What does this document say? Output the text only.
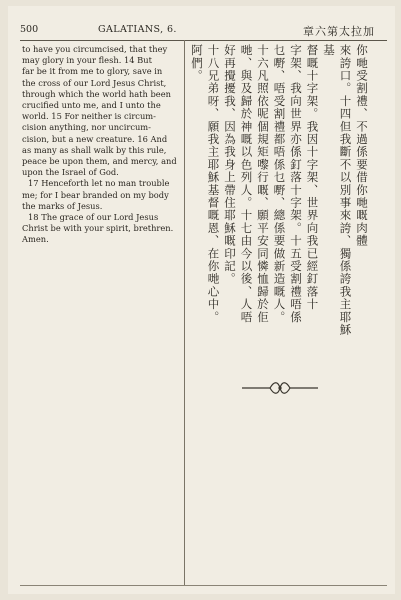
500	GALATIANS, 6.	章六第太拉加
to have you circumcised, that they
may glory in your flesh. 14 But
far be it from me to glory, save in
the cross of our Lord Jesus Christ,
through which the world hath been
crucified unto me, and I unto the
world. 15 For neither is circum-
cision anything, nor uncircum-
cision, but a new creature. 16 And
as many as shall walk by this rule,
peace be upon them, and mercy, and
upon the Israel of God.
17 Henceforth let no man trouble
me; for I bear branded on my body
the marks of Jesus.
18 The grace of our Lord Jesus
Christ be with your spirit, brethren.
Amen.	你哋受割禮、不過係要借你哋嘅肉體
來誇口。十四但我斷不以別事來誇、獨係誇我主耶穌基
督嘅十字架。我因十字架、世界向我已經釘落十
字架、我向世界亦係釘落十字架。十五受割禮唔係
乜嘢、唔受割禮都唔係乜嘢、總係要做新造嘅人。
十六凡照依呢個規矩嚟行嘅、願平安同憐恤歸於佢
哋、與及歸於神嘅以色列人。十七由今以後、人唔
好再攪擾我、因為我身上帶住耶穌嘅印記。
十八兄弟呀、願我主耶穌基督嘅恩、在你哋心中。
阿們。
